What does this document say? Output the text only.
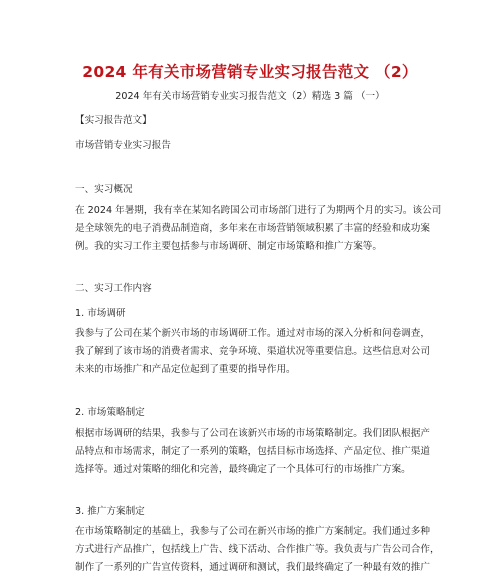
2024 年有关市场营销专业实习报告范文 （2）
2024 年有关市场营销专业实习报告范文（2）精选 3 篇 （一）
【实习报告范文】
市场营销专业实习报告
一、实习概况
在 2024 年暑期，我有幸在某知名跨国公司市场部门进行了为期两个月的实习。该公司
是全球领先的电子消费品制造商，多年来在市场营销领域积累了丰富的经验和成功案
例。我的实习工作主要包括参与市场调研、制定市场策略和推广方案等。
二、实习工作内容
1. 市场调研
我参与了公司在某个新兴市场的市场调研工作。通过对市场的深入分析和问卷调查，
我了解到了该市场的消费者需求、竞争环境、渠道状况等重要信息。这些信息对公司
未来的市场推广和产品定位起到了重要的指导作用。
2. 市场策略制定
根据市场调研的结果，我参与了公司在该新兴市场的市场策略制定。我们团队根据产
品特点和市场需求，制定了一系列的策略，包括目标市场选择、产品定位、推广渠道
选择等。通过对策略的细化和完善，最终确定了一个具体可行的市场推广方案。
3. 推广方案制定
在市场策略制定的基础上，我参与了公司在新兴市场的推广方案制定。我们通过多种
方式进行产品推广，包括线上广告、线下活动、合作推广等。我负责与广告公司合作，
制作了一系列的广告宣传资料，通过调研和测试，我们最终确定了一种最有效的推广
